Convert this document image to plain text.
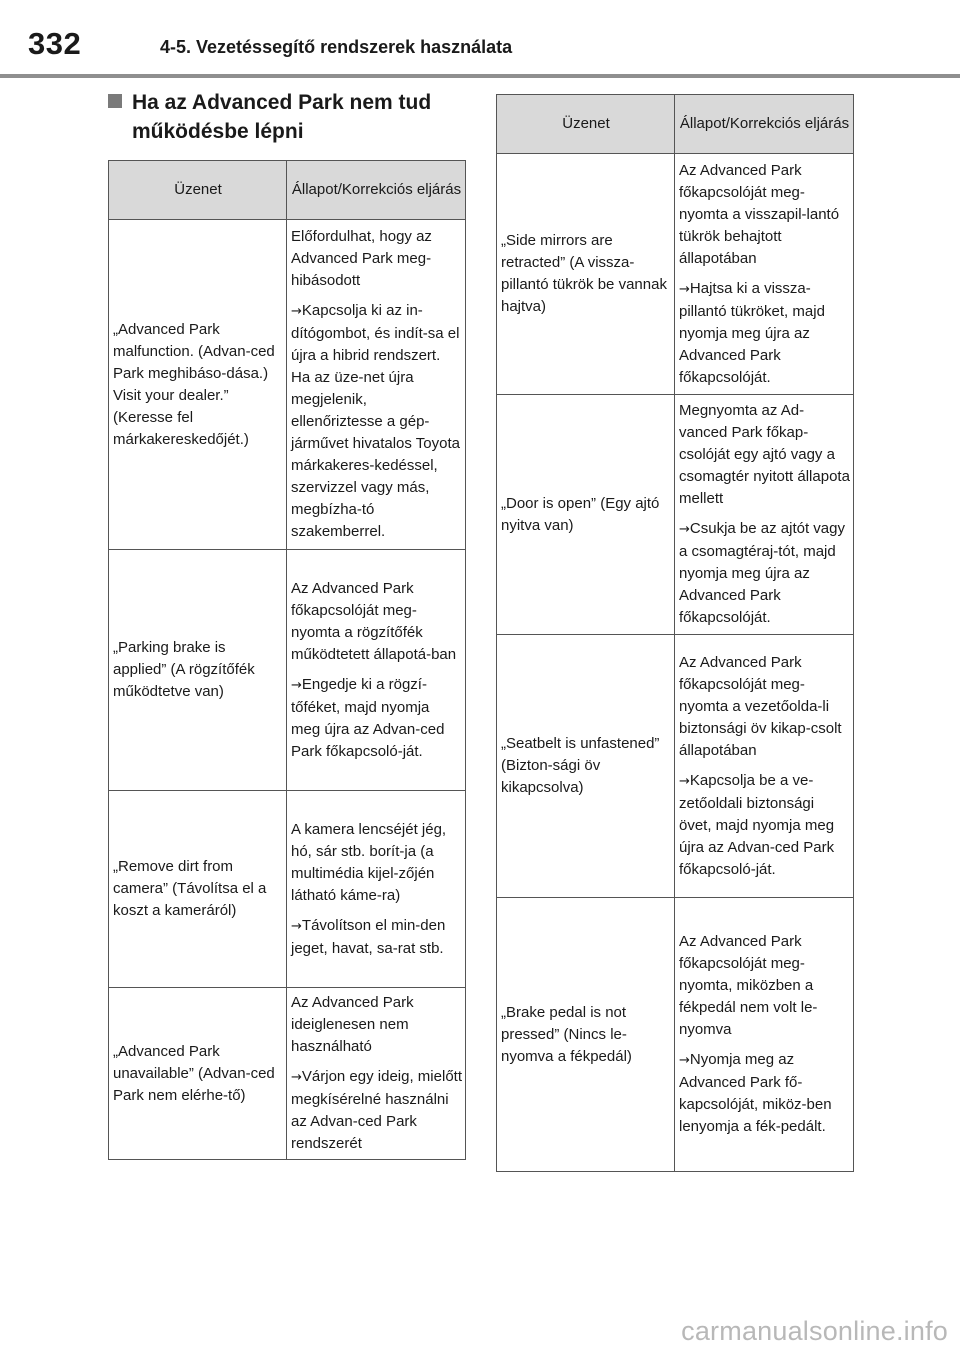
332	4-5. Vezetéssegítő rendszerek használata
Ha az Advanced Park nem tud
működésbe lépni
Üzenet	Állapot/Korrekciós eljárás
„Advanced Park malfunction. (Advan-ced Park meghibáso-dása.) Visit your dealer.” (Keresse fel márkakereskedőjét.)	Előfordulhat, hogy az Advanced Park meg-hibásodott

→Kapcsolja ki az in-dítógombot, és indít-sa el újra a hibrid rendszert. Ha az üze-net újra megjelenik, ellenőriztesse a gép-járművet hivatalos Toyota márkakeres-kedéssel, szervizzel vagy más, megbízha-tó szakemberrel.

„Parking brake is applied” (A rögzítőfék működtetve van)	Az Advanced Park főkapcsolóját meg-nyomta a rögzítőfék működtetett állapotá-ban

→Engedje ki a rögzí-tőféket, majd nyomja meg újra az Advan-ced Park főkapcsoló-ját.

„Remove dirt from camera” (Távolítsa el a koszt a kameráról)	A kamera lencséjét jég, hó, sár stb. borít-ja (a multimédia kijel-zőjén látható káme-ra)

→Távolítson el min-den jeget, havat, sa-rat stb.

„Advanced Park unavailable” (Advan-ced Park nem elérhe-tő)	Az Advanced Park ideiglenesen nem használható

→Várjon egy ideig, mielőtt megkísérelné használni az Advan-ced Park rendszerét

Üzenet	Állapot/Korrekciós eljárás
„Side mirrors are retracted” (A vissza-pillantó tükrök be vannak hajtva)	Az Advanced Park főkapcsolóját meg-nyomta a visszapil-lantó tükrök behajtott állapotában

→Hajtsa ki a vissza-pillantó tükröket, majd nyomja meg újra az Advanced Park főkapcsolóját.

„Door is open” (Egy ajtó nyitva van)	Megnyomta az Ad-vanced Park főkap-csolóját egy ajtó vagy a csomagtér nyitott állapota mellett

→Csukja be az ajtót vagy a csomagtéraj-tót, majd nyomja meg újra az Advanced Park főkapcsolóját.

„Seatbelt is unfastened” (Bizton-sági öv kikapcsolva)	Az Advanced Park főkapcsolóját meg-nyomta a vezetőolda-li biztonsági öv kikap-csolt állapotában

→Kapcsolja be a ve-zetőoldali biztonsági övet, majd nyomja meg újra az Advan-ced Park főkapcsoló-ját.

„Brake pedal is not pressed” (Nincs le-nyomva a fékpedál)	Az Advanced Park főkapcsolóját meg-nyomta, miközben a fékpedál nem volt le-nyomva

→Nyomja meg az Advanced Park fő-kapcsolóját, miköz-ben lenyomja a fék-pedált.

carmanualsonline.info
